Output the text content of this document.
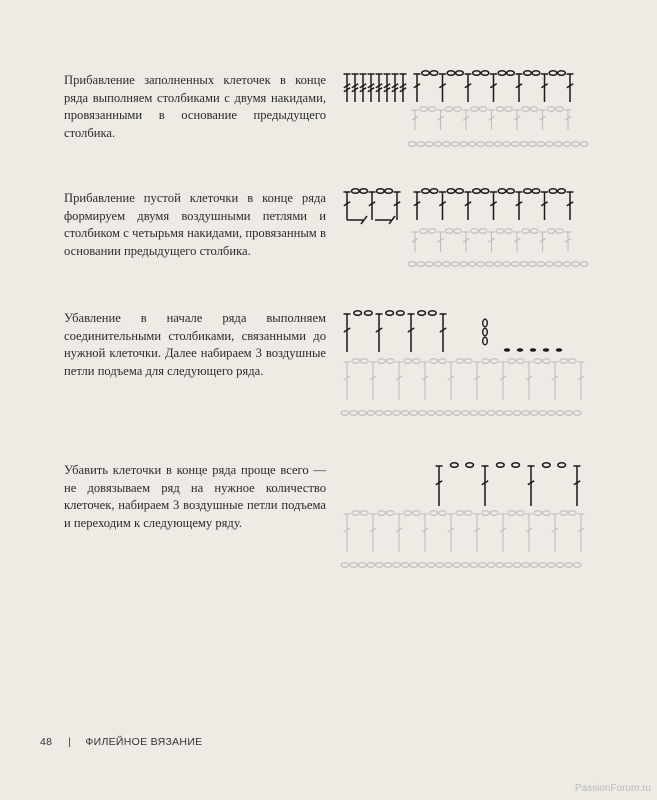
Прибавление заполненных клеточек в конце ряда выполняем столбиками с двумя накидами, провязанными в основание предыдущего столбика.

Прибавление пустой клеточки в конце ряда формируем двумя воздушными петлями и столбиком с четырьмя накидами, провязанным в основании предыдущего столбика.

Убавление в начале ряда выполняем соединительными столбиками, связанными до нужной клеточки. Далее набираем 3 воздушные петли подъема для следующего ряда.

Убавить клеточки в конце ряда проще всего — не довязываем ряд на нужное количество клеточек, набираем 3 воздушные петли подъема и переходим к следующему ряду.

48 | ФИЛЕЙНОЕ ВЯЗАНИЕ
PassionForum.ru
